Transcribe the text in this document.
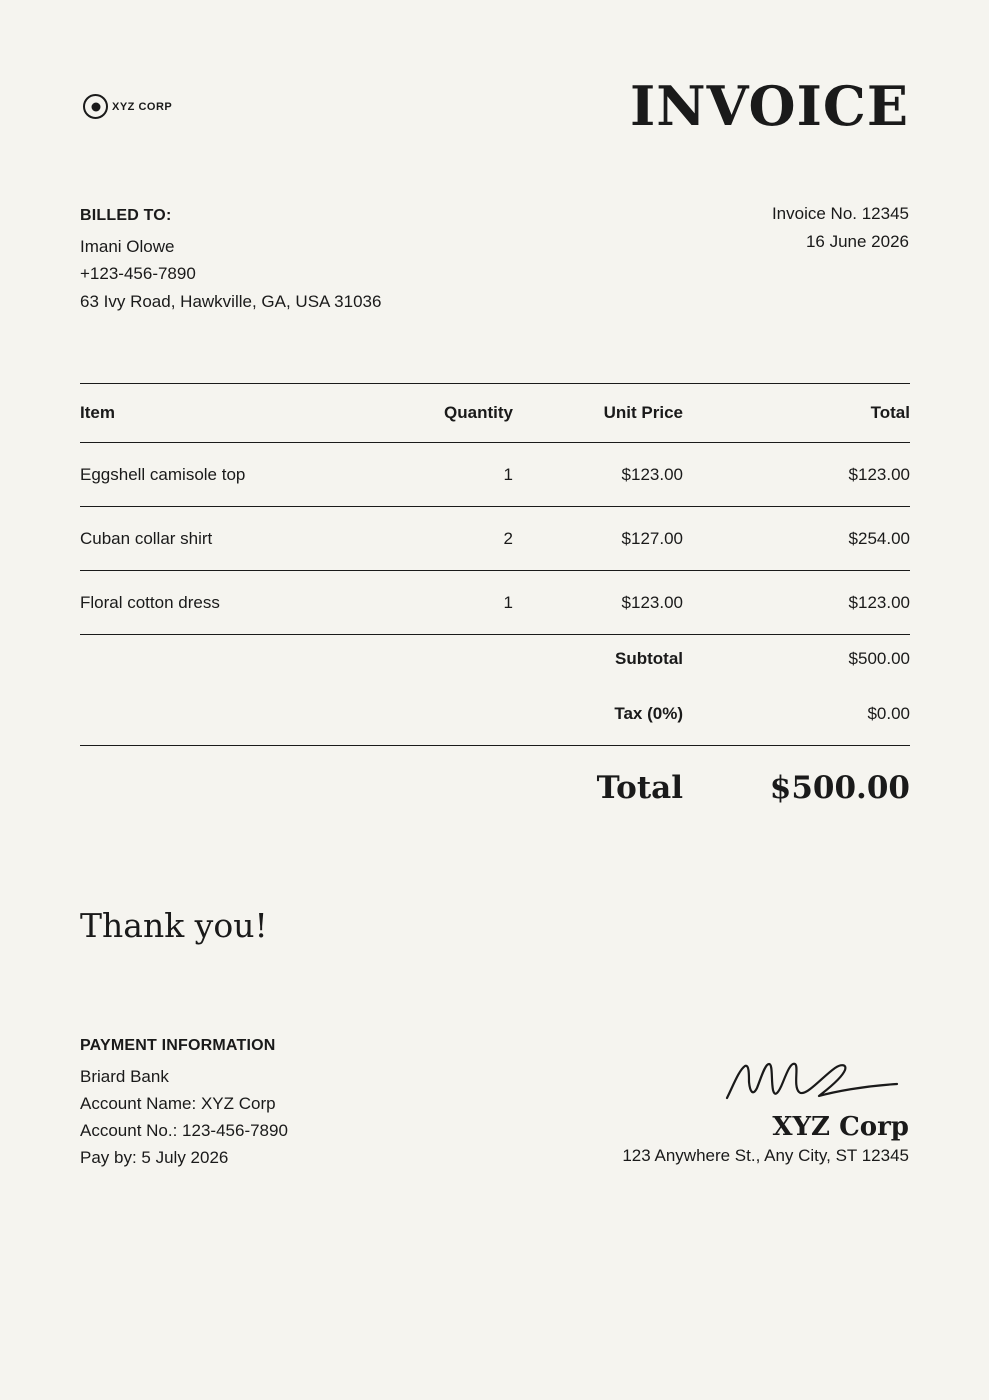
XYZ CORP	INVOICE
BILLED TO:
Imani Olowe
+123-456-7890
63 Ivy Road, Hawkville, GA, USA 31036
Invoice No. 12345
16 June 2026
Item	Quantity	Unit Price	Total
Eggshell camisole top	1	$123.00	$123.00
Cuban collar shirt	2	$127.00	$254.00
Floral cotton dress	1	$123.00	$123.00
Subtotal	$500.00
Tax (0%)	$0.00
Total	$500.00
Thank you!
PAYMENT INFORMATION
Briard Bank
Account Name: XYZ Corp
Account No.: 123-456-7890
Pay by: 5 July 2026
XYZ Corp
123 Anywhere St., Any City, ST 12345
